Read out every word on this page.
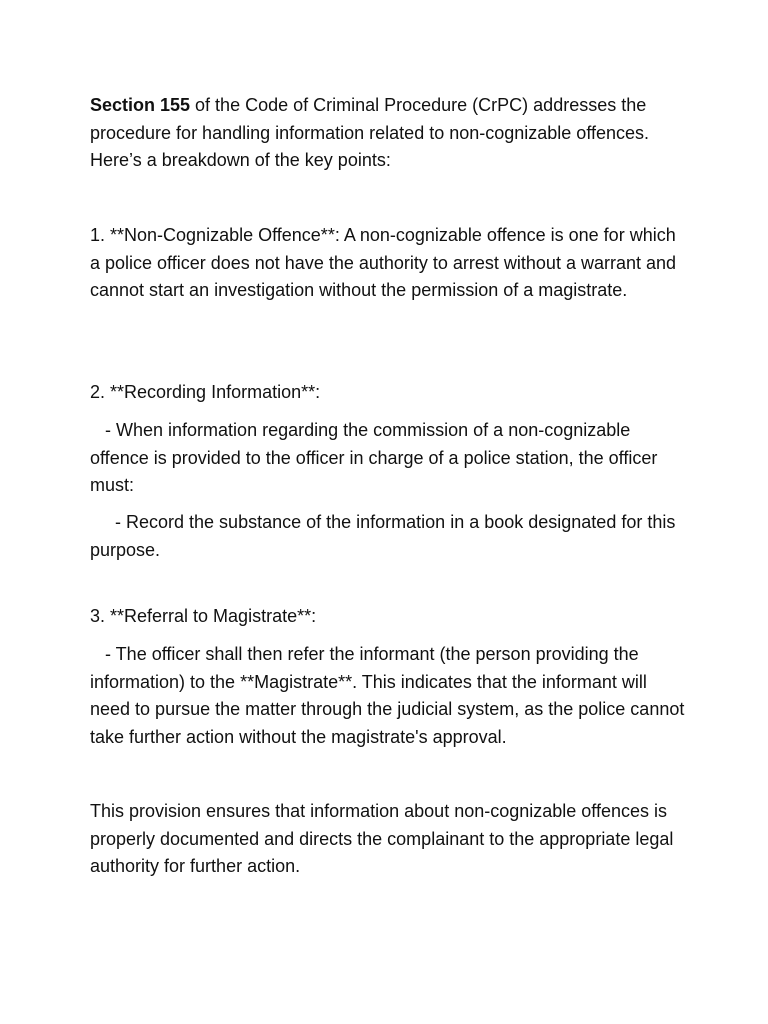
Section 155 of the Code of Criminal Procedure (CrPC) addresses the procedure for handling information related to non-cognizable offences. Here’s a breakdown of the key points:

1. **Non-Cognizable Offence**: A non-cognizable offence is one for which a police officer does not have the authority to arrest without a warrant and cannot start an investigation without the permission of a magistrate.

2. **Recording Information**:

- When information regarding the commission of a non-cognizable offence is provided to the officer in charge of a police station, the officer must:

- Record the substance of the information in a book designated for this purpose.

3. **Referral to Magistrate**:

- The officer shall then refer the informant (the person providing the information) to the **Magistrate**. This indicates that the informant will need to pursue the matter through the judicial system, as the police cannot take further action without the magistrate's approval.

This provision ensures that information about non-cognizable offences is properly documented and directs the complainant to the appropriate legal authority for further action.
